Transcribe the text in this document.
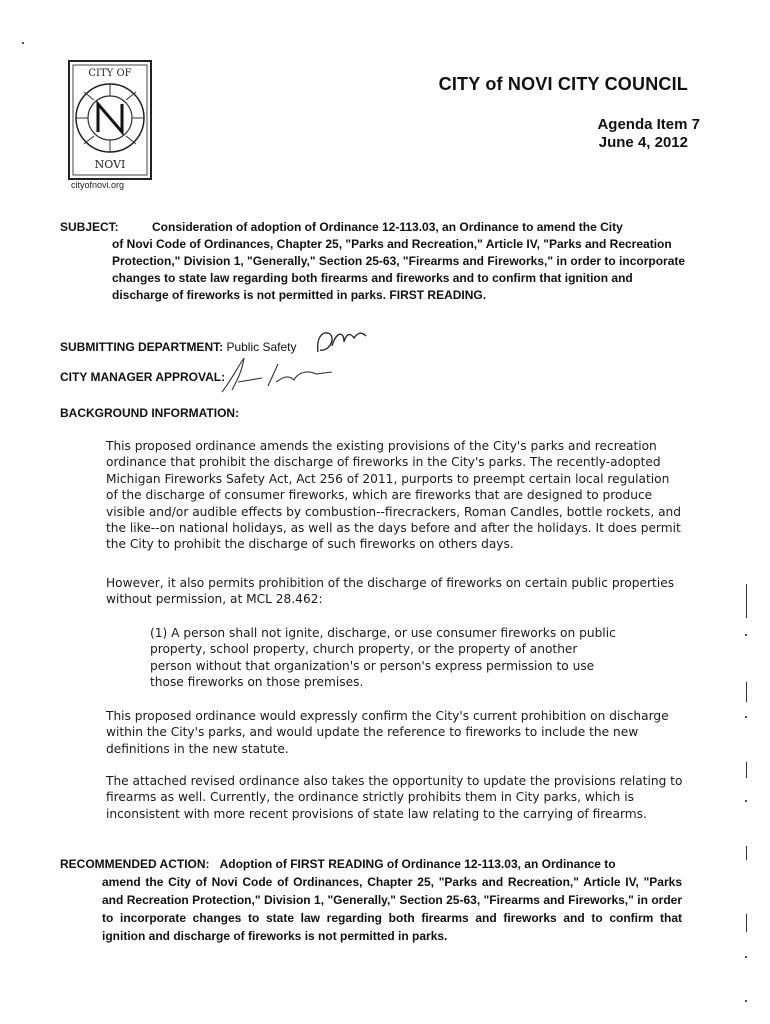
CITY OF
NOVI
cityofnovi.org
CITY of NOVI CITY COUNCIL
Agenda Item 7
June 4, 2012
SUBJECT:	Consideration of adoption of Ordinance 12-113.03, an Ordinance to amend the City
of Novi Code of Ordinances, Chapter 25, "Parks and Recreation," Article IV, "Parks and Recreation Protection," Division 1, "Generally," Section 25-63, "Firearms and Fireworks," in order to incorporate changes to state law regarding both firearms and fireworks and to confirm that ignition and discharge of fireworks is not permitted in parks. FIRST READING.
SUBMITTING DEPARTMENT: Public Safety
CITY MANAGER APPROVAL:
BACKGROUND INFORMATION:
This proposed ordinance amends the existing provisions of the City's parks and recreation ordinance that prohibit the discharge of fireworks in the City's parks. The recently-adopted Michigan Fireworks Safety Act, Act 256 of 2011, purports to preempt certain local regulation of the discharge of consumer fireworks, which are fireworks that are designed to produce visible and/or audible effects by combustion--firecrackers, Roman Candles, bottle rockets, and the like--on national holidays, as well as the days before and after the holidays. It does permit the City to prohibit the discharge of such fireworks on others days.
However, it also permits prohibition of the discharge of fireworks on certain public properties without permission, at MCL 28.462:
(1) A person shall not ignite, discharge, or use consumer fireworks on public property, school property, church property, or the property of another person without that organization's or person's express permission to use those fireworks on those premises.
This proposed ordinance would expressly confirm the City's current prohibition on discharge within the City's parks, and would update the reference to fireworks to include the new definitions in the new statute.
The attached revised ordinance also takes the opportunity to update the provisions relating to firearms as well. Currently, the ordinance strictly prohibits them in City parks, which is inconsistent with more recent provisions of state law relating to the carrying of firearms.
RECOMMENDED ACTION: Adoption of FIRST READING of Ordinance 12-113.03, an Ordinance to
amend the City of Novi Code of Ordinances, Chapter 25, "Parks and Recreation," Article IV, "Parks and Recreation Protection," Division 1, "Generally," Section 25-63, "Firearms and Fireworks," in order to incorporate changes to state law regarding both firearms and fireworks and to confirm that ignition and discharge of fireworks is not permitted in parks.
